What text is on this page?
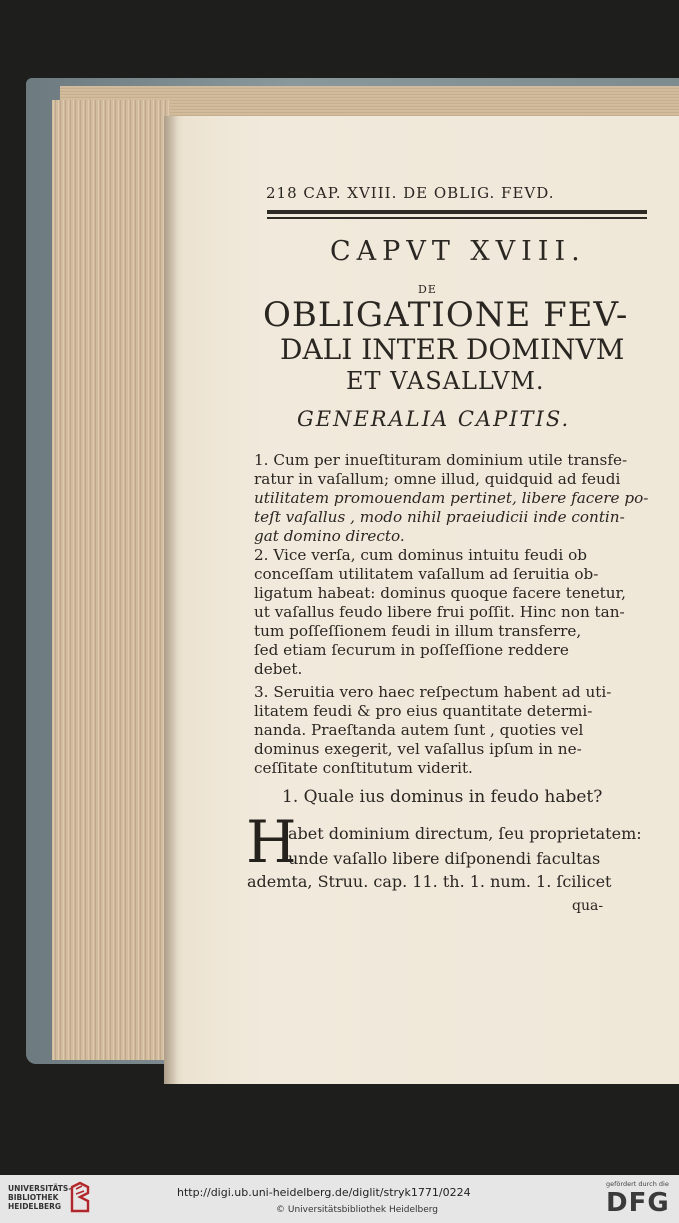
218 CAP. XVIII. DE OBLIG. FEVD.
CAPVT XVIII.
DE
OBLIGATIONE FEV-
DALI INTER DOMINVM
ET VASALLVM.
GENERALIA CAPITIS.
1. Cum per inueſtituram dominium utile transfe-
ratur in vaſallum; omne illud, quidquid ad feudi
utilitatem promouendam pertinet, libere facere po-
teſt vaſallus , modo nihil praeiudicii inde contin-
gat domino directo.
2. Vice verſa, cum dominus intuitu feudi ob
conceſſam utilitatem vaſallum ad ſeruitia ob-
ligatum habeat: dominus quoque facere tenetur,
ut vaſallus feudo libere frui poſſit. Hinc non tan-
tum poſſeſſionem feudi in illum transferre,
ſed etiam ſecurum in poſſeſſione reddere
debet.
3. Seruitia vero haec reſpectum habent ad uti-
litatem feudi & pro eius quantitate determi-
nanda. Praeſtanda autem ſunt , quoties vel
dominus exegerit, vel vaſallus ipſum in ne-
ceſſitate conſtitutum viderit.
1. Quale ius dominus in feudo habet?
H
abet dominium directum, ſeu proprietatem:
unde vaſallo libere diſponendi facultas
ademta, Struu. cap. 11. th. 1. num. 1. ſcilicet
qua-
UNIVERSITÄTS-
BIBLIOTHEK
HEIDELBERG
http://digi.ub.uni-heidelberg.de/diglit/stryk1771/0224
© Universitätsbibliothek Heidelberg
gefördert durch die
DFG
